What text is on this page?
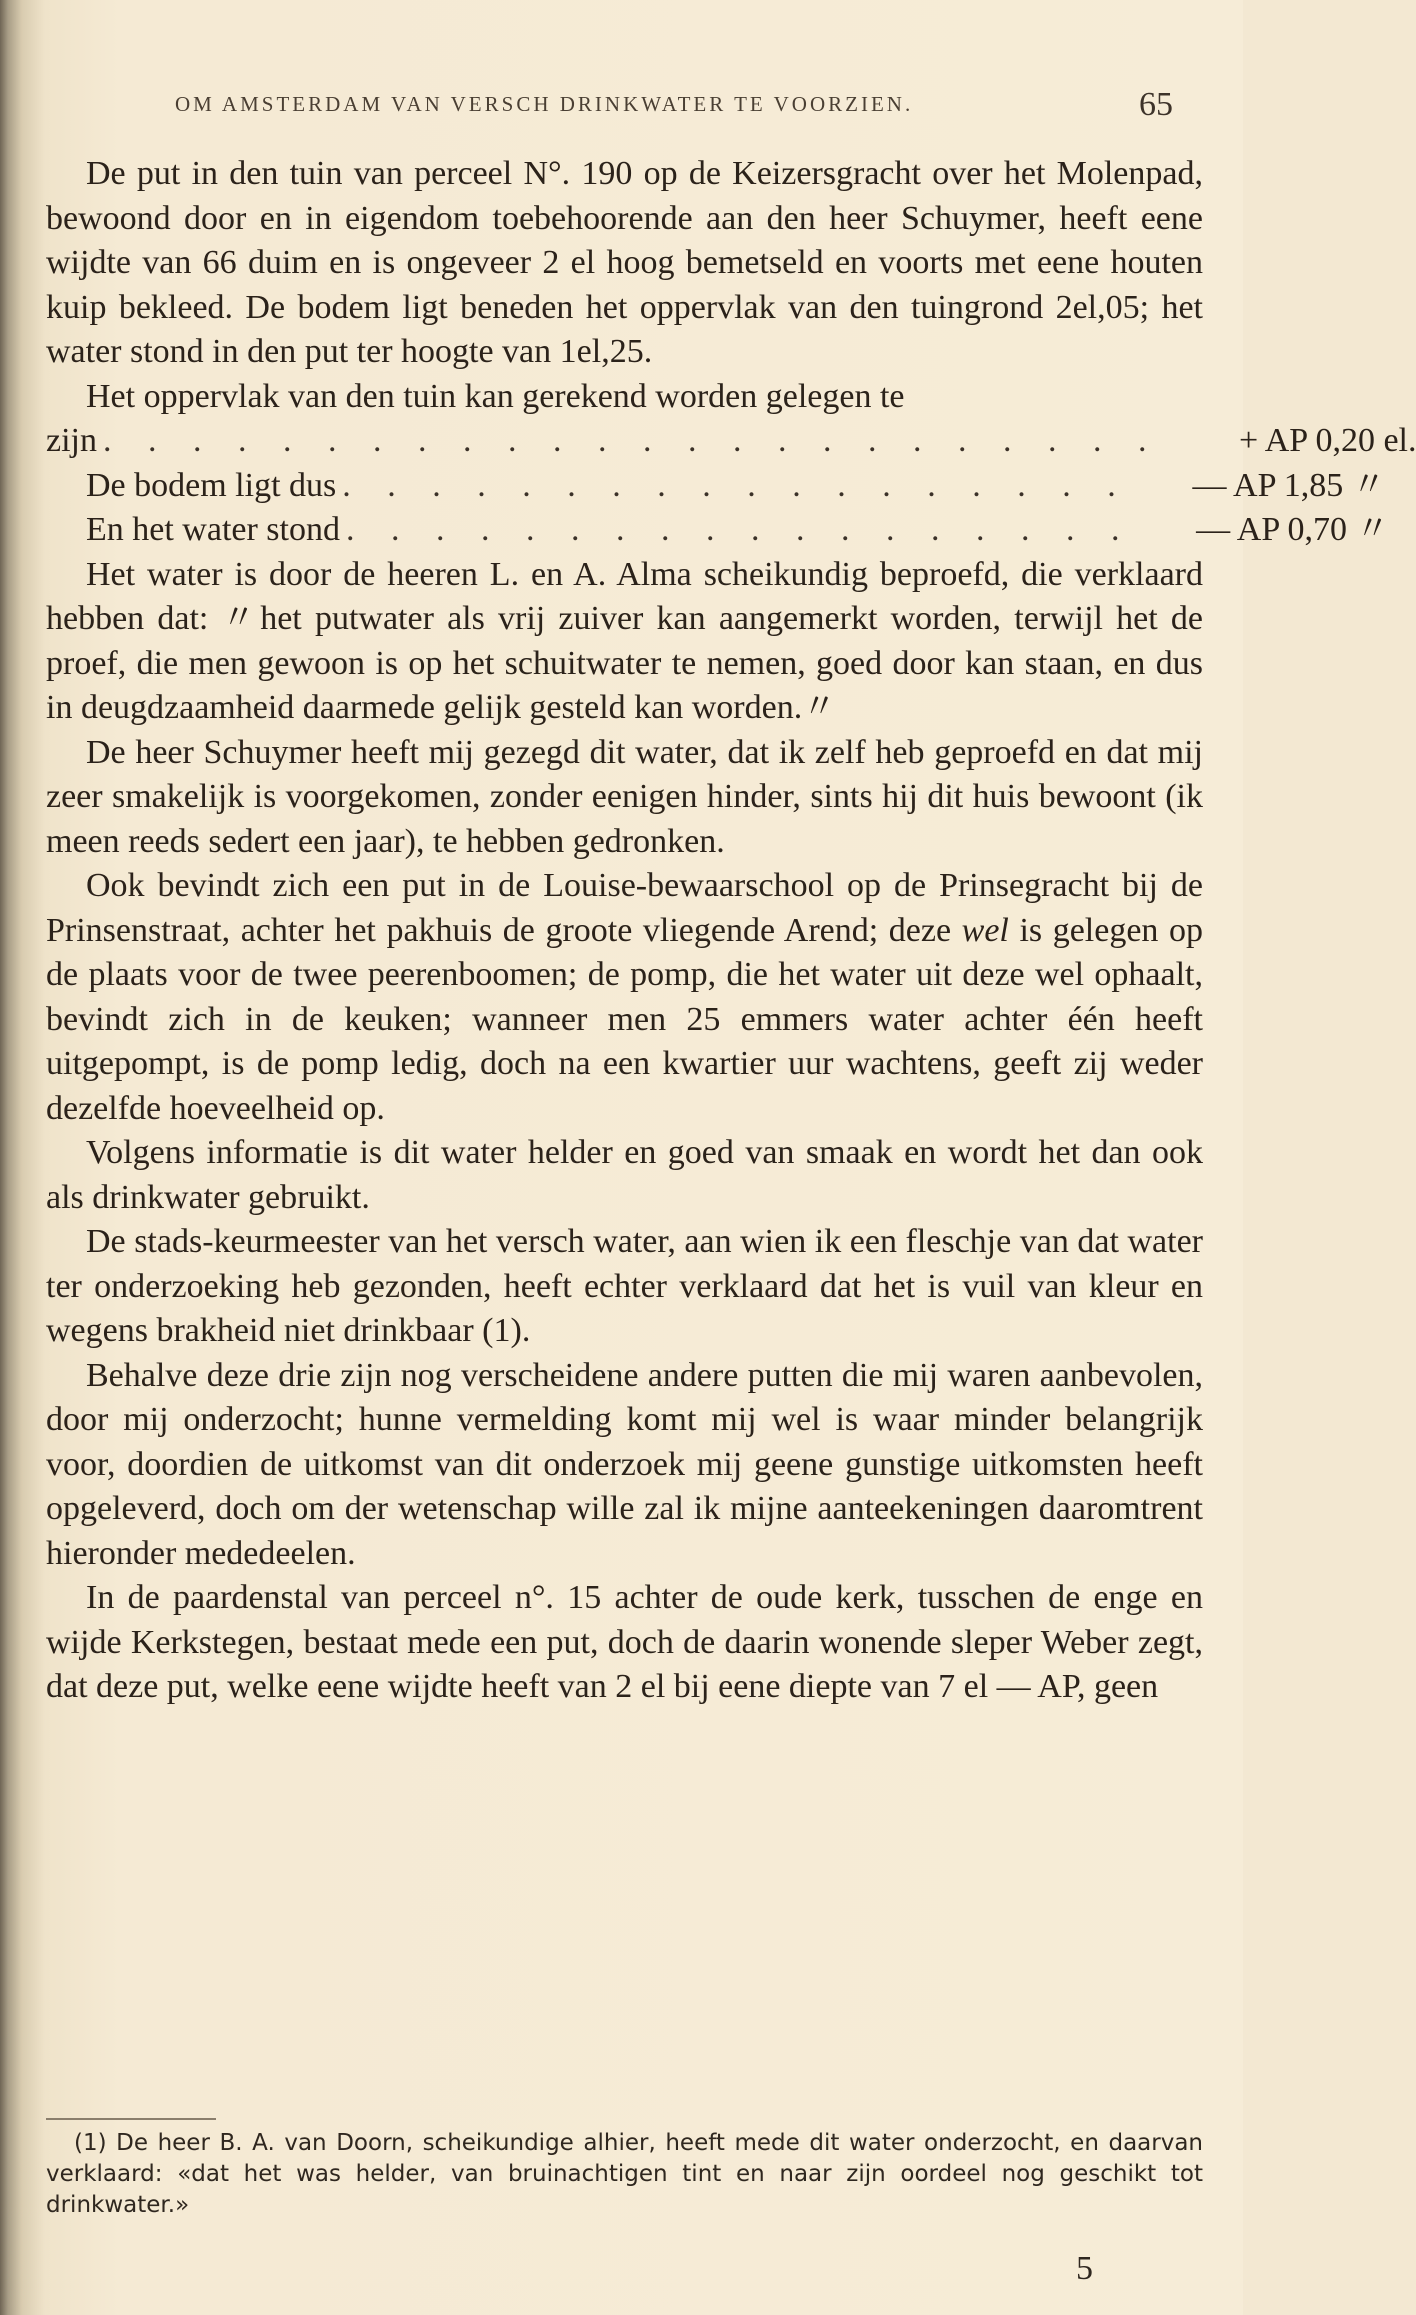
OM AMSTERDAM VAN VERSCH DRINKWATER TE VOORZIEN.	65

De put in den tuin van perceel N°. 190 op de Keizersgracht over het Molenpad, bewoond door en in eigendom toebehoorende aan den heer Schuymer, heeft eene wijdte van 66 duim en is ongeveer 2 el hoog bemetseld en voorts met eene houten kuip bekleed. De bodem ligt beneden het oppervlak van den tuingrond 2el,05; het water stond in den put ter hoogte van 1el,25.

Het oppervlak van den tuin kan gerekend worden gelegen te

zijn . . . . . . . . . . . . . . . . . . . . . . . .	+ AP 0,20 el.
De bodem ligt dus . . . . . . . . . . . . . . . . . .	— AP 1,85 〃
En het water stond . . . . . . . . . . . . . . . . . .	— AP 0,70 〃

Het water is door de heeren L. en A. Alma scheikundig beproefd, die verklaard hebben dat: 〃het putwater als vrij zuiver kan aangemerkt worden, terwijl het de proef, die men gewoon is op het schuitwater te nemen, goed door kan staan, en dus in deugdzaamheid daarmede gelijk gesteld kan worden.〃

De heer Schuymer heeft mij gezegd dit water, dat ik zelf heb geproefd en dat mij zeer smakelijk is voorgekomen, zonder eenigen hinder, sints hij dit huis bewoont (ik meen reeds sedert een jaar), te hebben gedronken.

Ook bevindt zich een put in de Louise-bewaarschool op de Prinsegracht bij de Prinsenstraat, achter het pakhuis de groote vliegende Arend; deze wel is gelegen op de plaats voor de twee peerenboomen; de pomp, die het water uit deze wel ophaalt, bevindt zich in de keuken; wanneer men 25 emmers water achter één heeft uitgepompt, is de pomp ledig, doch na een kwartier uur wachtens, geeft zij weder dezelfde hoeveelheid op.

Volgens informatie is dit water helder en goed van smaak en wordt het dan ook als drinkwater gebruikt.

De stads-keurmeester van het versch water, aan wien ik een fleschje van dat water ter onderzoeking heb gezonden, heeft echter verklaard dat het is vuil van kleur en wegens brakheid niet drinkbaar (1).

Behalve deze drie zijn nog verscheidene andere putten die mij waren aanbevolen, door mij onderzocht; hunne vermelding komt mij wel is waar minder belangrijk voor, doordien de uitkomst van dit onderzoek mij geene gunstige uitkomsten heeft opgeleverd, doch om der wetenschap wille zal ik mijne aanteekeningen daaromtrent hieronder mededeelen.

In de paardenstal van perceel n°. 15 achter de oude kerk, tusschen de enge en wijde Kerkstegen, bestaat mede een put, doch de daarin wonende sleper Weber zegt, dat deze put, welke eene wijdte heeft van 2 el bij eene diepte van 7 el — AP, geen

(1) De heer B. A. van Doorn, scheikundige alhier, heeft mede dit water onderzocht, en daarvan verklaard: «dat het was helder, van bruinachtigen tint en naar zijn oordeel nog geschikt tot drinkwater.»

5
